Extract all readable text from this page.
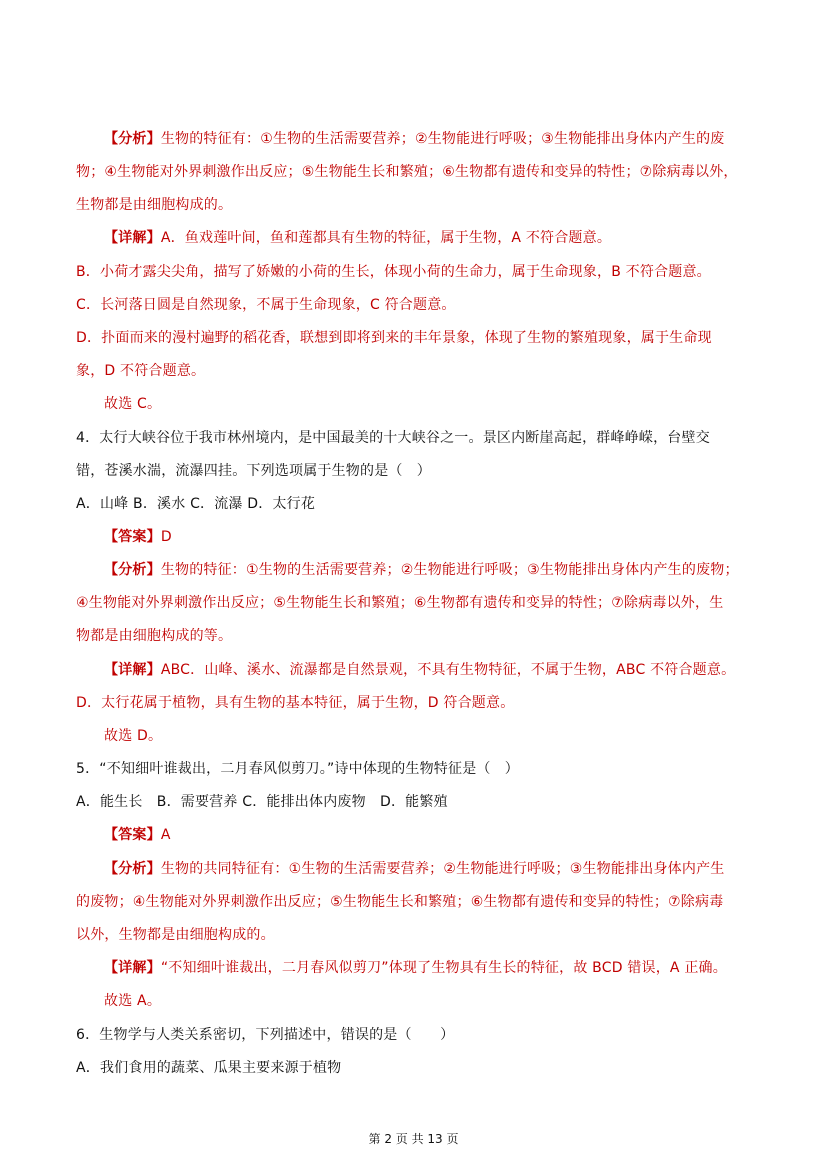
【分析】生物的特征有：①生物的生活需要营养；②生物能进行呼吸；③生物能排出身体内产生的废
物；④生物能对外界刺激作出反应；⑤生物能生长和繁殖；⑥生物都有遗传和变异的特性；⑦除病毒以外，
生物都是由细胞构成的。
【详解】A．鱼戏莲叶间，鱼和莲都具有生物的特征，属于生物，A 不符合题意。
B．小荷才露尖尖角，描写了娇嫩的小荷的生长，体现小荷的生命力，属于生命现象，B 不符合题意。
C．长河落日圆是自然现象，不属于生命现象，C 符合题意。
D．扑面而来的漫村遍野的稻花香，联想到即将到来的丰年景象，体现了生物的繁殖现象，属于生命现
象，D 不符合题意。
故选 C。
4．太行大峡谷位于我市林州境内，是中国最美的十大峡谷之一。景区内断崖高起，群峰峥嵘，台壁交
错，苍溪水湍，流瀑四挂。下列选项属于生物的是（　）
A．山峰 B．溪水 C．流瀑 D．太行花
【答案】D
【分析】生物的特征：①生物的生活需要营养；②生物能进行呼吸；③生物能排出身体内产生的废物；
④生物能对外界刺激作出反应；⑤生物能生长和繁殖；⑥生物都有遗传和变异的特性；⑦除病毒以外，生
物都是由细胞构成的等。
【详解】ABC．山峰、溪水、流瀑都是自然景观，不具有生物特征，不属于生物，ABC 不符合题意。
D．太行花属于植物，具有生物的基本特征，属于生物，D 符合题意。
故选 D。
5．“不知细叶谁裁出，二月春风似剪刀。”诗中体现的生物特征是（　）
A．能生长　B．需要营养 C．能排出体内废物　D．能繁殖
【答案】A
【分析】生物的共同特征有：①生物的生活需要营养；②生物能进行呼吸；③生物能排出身体内产生
的废物；④生物能对外界刺激作出反应；⑤生物能生长和繁殖；⑥生物都有遗传和变异的特性；⑦除病毒
以外，生物都是由细胞构成的。
【详解】“不知细叶谁裁出，二月春风似剪刀”体现了生物具有生长的特征，故 BCD 错误，A 正确。
故选 A。
6．生物学与人类关系密切，下列描述中，错误的是（　　）
A．我们食用的蔬菜、瓜果主要来源于植物
第 2 页 共 13 页
